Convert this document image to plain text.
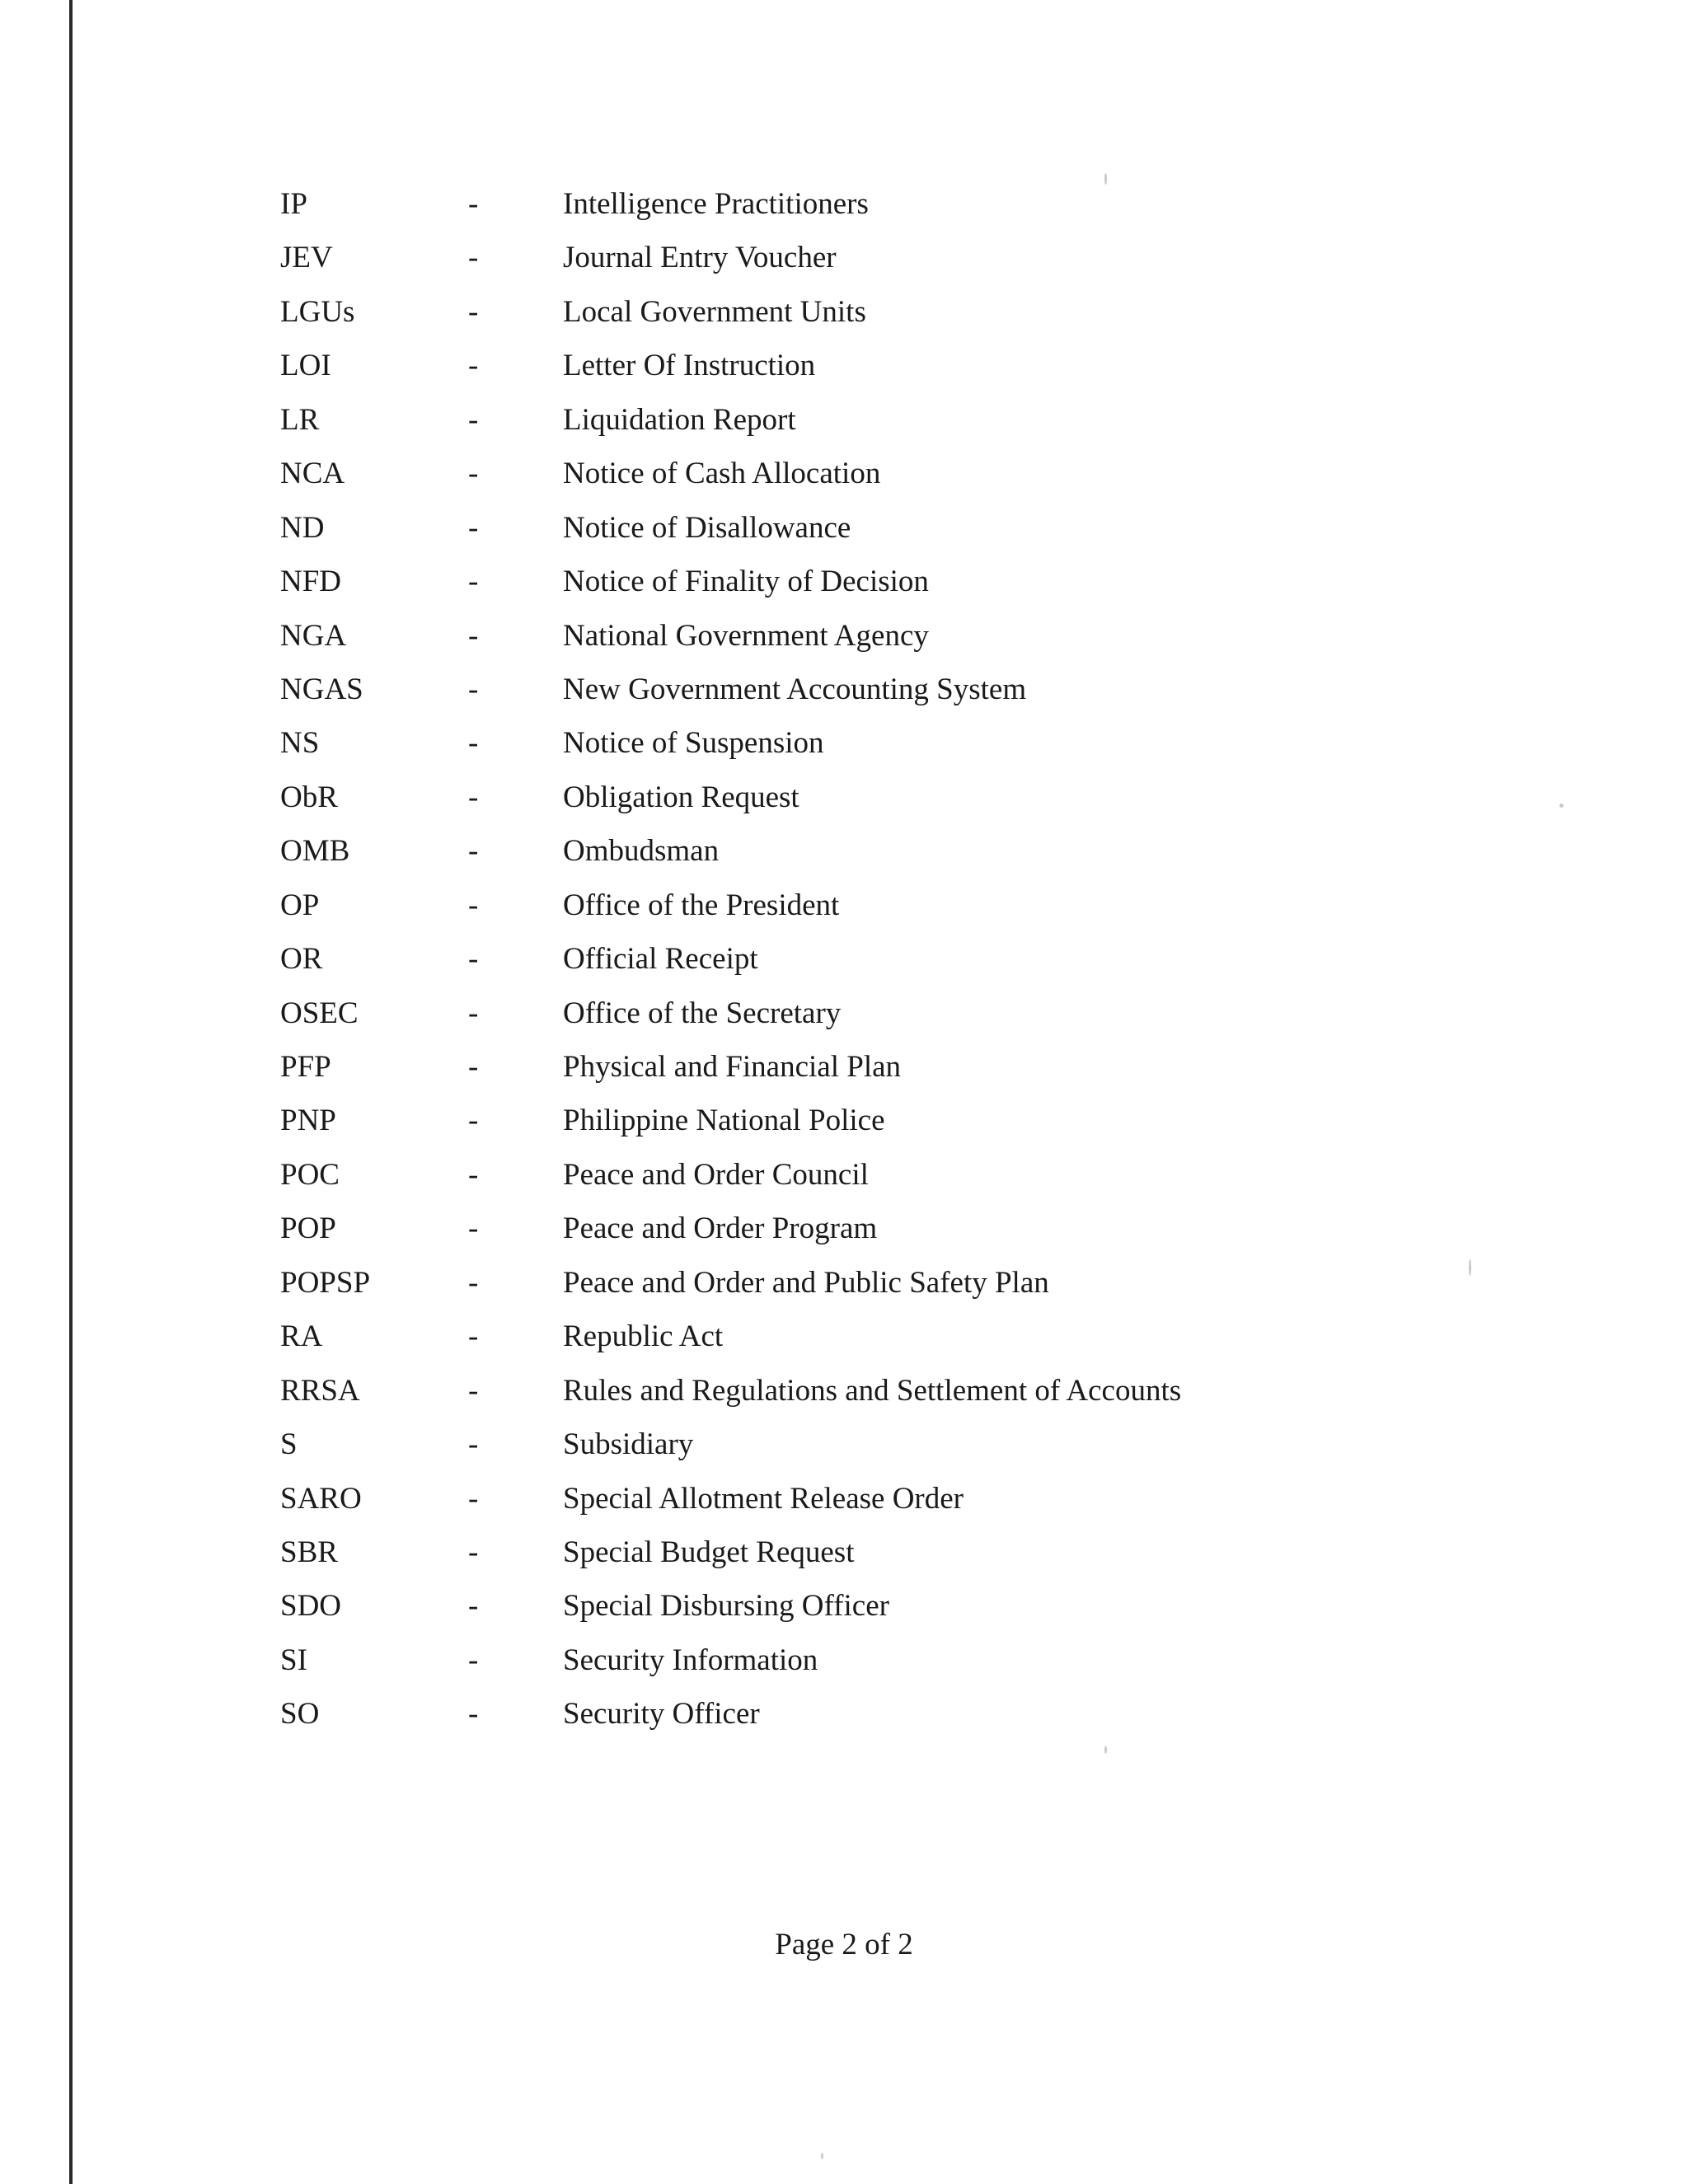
IP	-	Intelligence Practitioners
JEV	-	Journal Entry Voucher
LGUs	-	Local Government Units
LOI	-	Letter Of Instruction
LR	-	Liquidation Report
NCA	-	Notice of Cash Allocation
ND	-	Notice of Disallowance
NFD	-	Notice of Finality of Decision
NGA	-	National Government Agency
NGAS	-	New Government Accounting System
NS	-	Notice of Suspension
ObR	-	Obligation Request
OMB	-	Ombudsman
OP	-	Office of the President
OR	-	Official Receipt
OSEC	-	Office of the Secretary
PFP	-	Physical and Financial Plan
PNP	-	Philippine National Police
POC	-	Peace and Order Council
POP	-	Peace and Order Program
POPSP	-	Peace and Order and Public Safety Plan
RA	-	Republic Act
RRSA	-	Rules and Regulations and Settlement of Accounts
S	-	Subsidiary
SARO	-	Special Allotment Release Order
SBR	-	Special Budget Request
SDO	-	Special Disbursing Officer
SI	-	Security Information
SO	-	Security Officer
Page 2 of 2
